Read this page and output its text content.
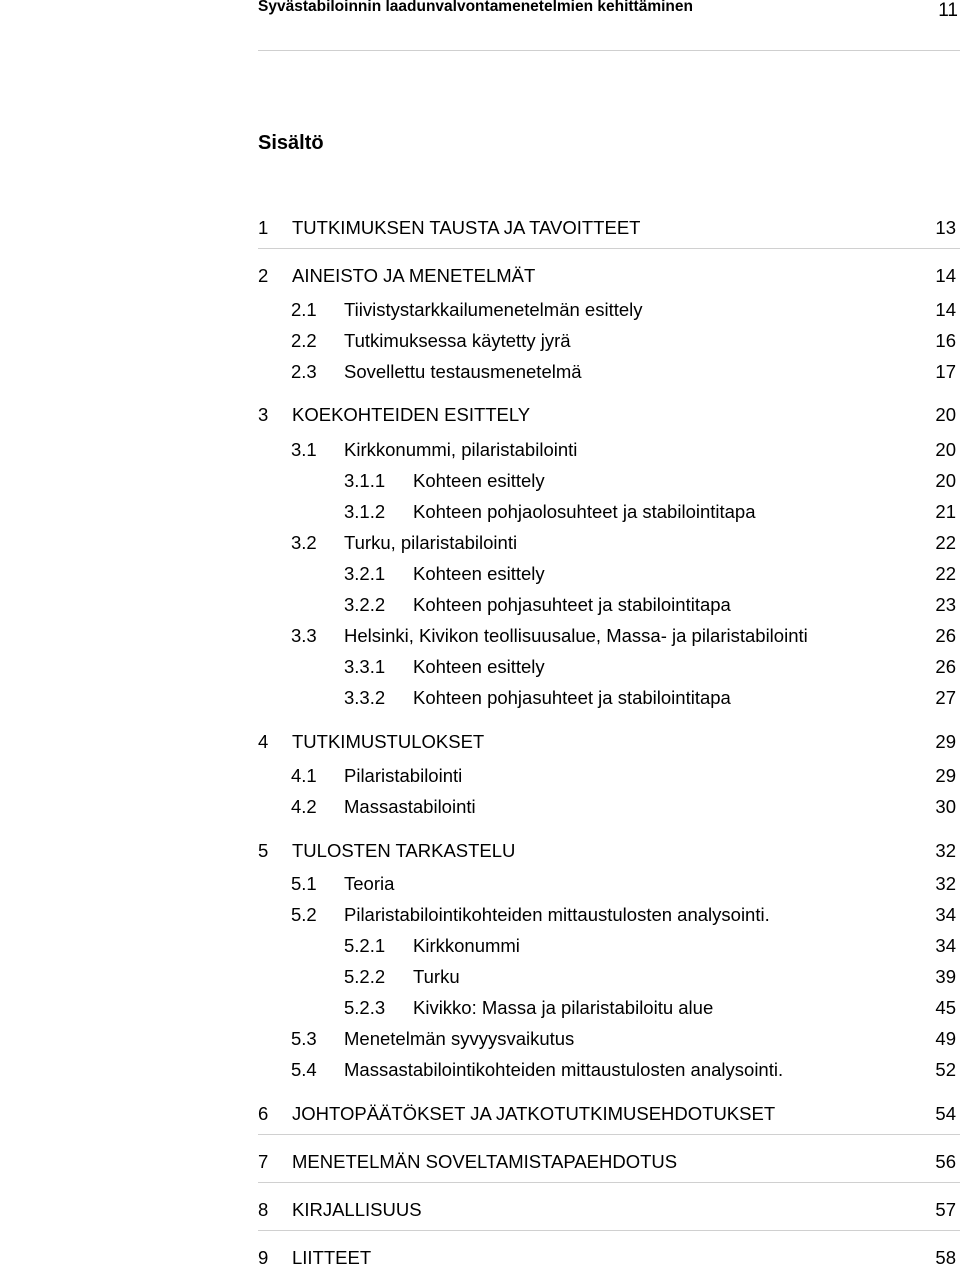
Syvästabiloinnin laadunvalvontamenetelmien kehittäminen	11
Sisältö
1 TUTKIMUKSEN TAUSTA JA TAVOITTEET	13
2 AINEISTO JA MENETELMÄT	14
2.1 Tiivistystarkkailumenetelmän esittely	14
2.2 Tutkimuksessa käytetty jyrä	16
2.3 Sovellettu testausmenetelmä	17
3 KOEKOHTEIDEN ESITTELY	20
3.1 Kirkkonummi, pilaristabilointi	20
3.1.1 Kohteen esittely	20
3.1.2 Kohteen pohjaolosuhteet ja stabilointitapa	21
3.2 Turku, pilaristabilointi	22
3.2.1 Kohteen esittely	22
3.2.2 Kohteen pohjasuhteet ja stabilointitapa	23
3.3 Helsinki, Kivikon teollisuusalue, Massa- ja pilaristabilointi	26
3.3.1 Kohteen esittely	26
3.3.2 Kohteen pohjasuhteet ja stabilointitapa	27
4 TUTKIMUSTULOKSET	29
4.1 Pilaristabilointi	29
4.2 Massastabilointi	30
5 TULOSTEN TARKASTELU	32
5.1 Teoria	32
5.2 Pilaristabilointikohteiden mittaustulosten analysointi.	34
5.2.1 Kirkkonummi	34
5.2.2 Turku	39
5.2.3 Kivikko: Massa ja pilaristabiloitu alue	45
5.3 Menetelmän syvyysvaikutus	49
5.4 Massastabilointikohteiden mittaustulosten analysointi.	52
6 JOHTOPÄÄTÖKSET JA JATKOTUTKIMUSEHDOTUKSET	54
7 MENETELMÄN SOVELTAMISTAPAEHDOTUS	56
8 KIRJALLISUUS	57
9 LIITTEET	58
